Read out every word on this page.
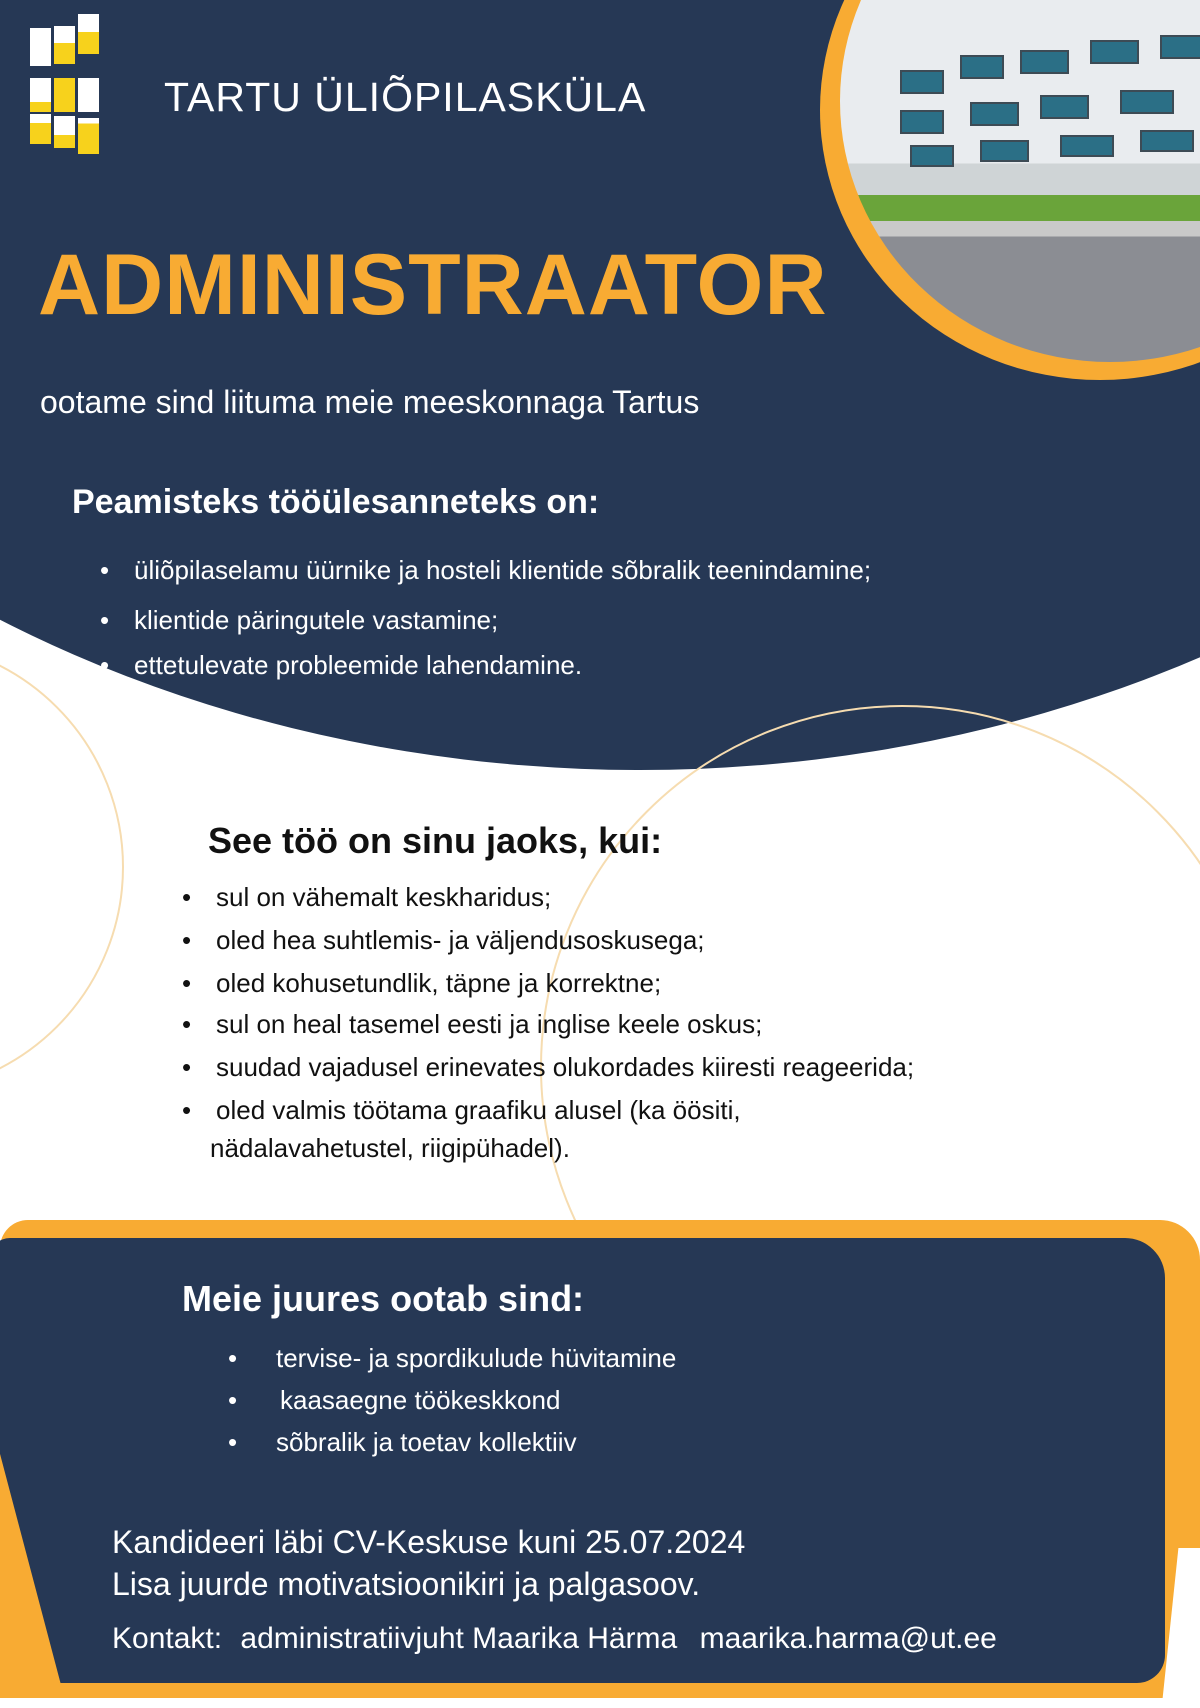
TARTU ÜLIÕPILASKÜLA
ADMINISTRAATOR
ootame sind liituma meie meeskonnaga Tartus
Peamisteks tööülesanneteks on:
• üliõpilaselamu üürnike ja hosteli klientide sõbralik teenindamine;
• klientide päringutele vastamine;
• ettetulevate probleemide lahendamine.
See töö on sinu jaoks, kui:
• sul on vähemalt keskharidus;
• oled hea suhtlemis- ja väljendusoskusega;
• oled kohusetundlik, täpne ja korrektne;
• sul on heal tasemel eesti ja inglise keele oskus;
• suudad vajadusel erinevates olukordades kiiresti reageerida;
• oled valmis töötama graafiku alusel (ka öösiti,
nädalavahetustel, riigipühadel).
Meie juures ootab sind:
• tervise- ja spordikulude hüvitamine
• kaasaegne töökeskkond
• sõbralik ja toetav kollektiiv
Kandideeri läbi CV-Keskuse kuni 25.07.2024
Lisa juurde motivatsioonikiri ja palgasoov.
Kontakt: administratiivjuht Maarika Härma maarika.harma@ut.ee
